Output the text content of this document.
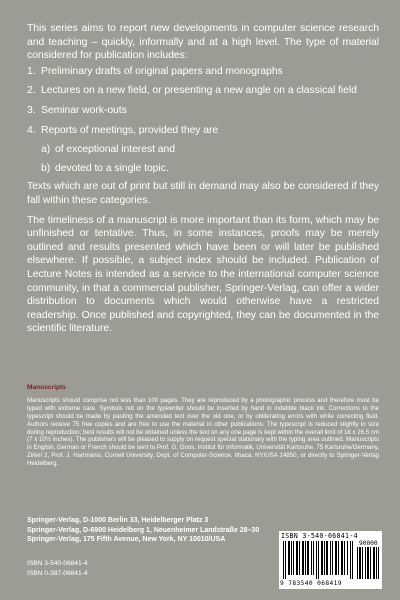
This series aims to report new developments in computer science research and teaching – quickly, informally and at a high level. The type of material considered for publication includes:

1. Preliminary drafts of original papers and monographs
2. Lectures on a new field, or presenting a new angle on a classical field
3. Seminar work-outs
4. Reports of meetings, provided they are
a) of exceptional interest and
b) devoted to a single topic.

Texts which are out of print but still in demand may also be considered if they fall within these categories.

The timeliness of a manuscript is more important than its form, which may be unfinished or tentative. Thus, in some instances, proofs may be merely outlined and results presented which have been or will later be published elsewhere. If possible, a subject index should be included. Publication of Lecture Notes is intended as a service to the international computer science community, in that a commercial publisher, Springer-Verlag, can offer a wider distribution to documents which would otherwise have a restricted readership. Once published and copyrighted, they can be documented in the scientific literature.

Manuscripts

Manuscripts should comprise not less than 100 pages. They are reproduced by a photographic process and therefore must be typed with extreme care. Symbols not on the typewriter should be inserted by hand in indelible black ink. Corrections to the typescript should be made by pasting the amended text over the old one, or by obliterating errors with white correcting fluid. Authors receive 75 free copies and are free to use the material in other publications. The typescript is reduced slightly in size during reproduction; best results will not be obtained unless the text on any one page is kept within the overall limit of 18 x 26.5 cm (7 x 10½ inches). The publishers will be pleased to supply on request special stationary with the typing area outlined. Manuscripts in English, German or French should be sent to Prof. G. Goos, Institut für Informatik, Universität Karlsruhe, 75 Karlsruhe/Germany, Zirkel 2, Prof. J. Hartmanis, Cornell University, Dept. of Computer-Science, Ithaca, NY/USA 14850, or directly to Springer-Verlag Heidelberg.

Springer-Verlag, D-1000 Berlin 33, Heidelberger Platz 3
Springer-Verlag, D-6900 Heidelberg 1, Neuenheimer Landstraße 28–30
Springer-Verlag, 175 Fifth Avenue, New York, NY 10010/USA
ISBN 3-540-06841-4
ISBN 0-387-06841-4
ISBN 3-540-06841-4
90000
9 783540 068419
